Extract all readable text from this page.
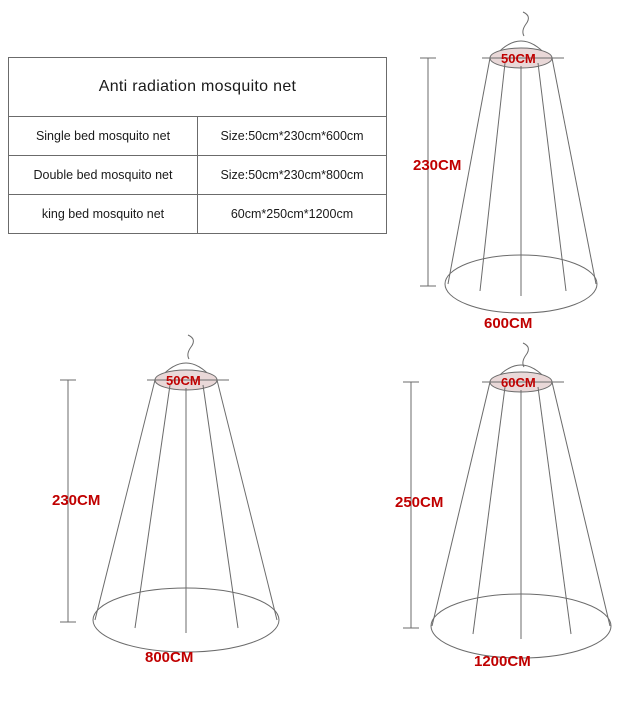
Anti radiation mosquito net	
Single bed mosquito net	Size:50cm*230cm*600cm
Double bed mosquito net	Size:50cm*230cm*800cm
king bed mosquito net	60cm*250cm*1200cm
50CM
230CM
600CM
50CM
230CM
800CM
60CM
250CM
1200CM
